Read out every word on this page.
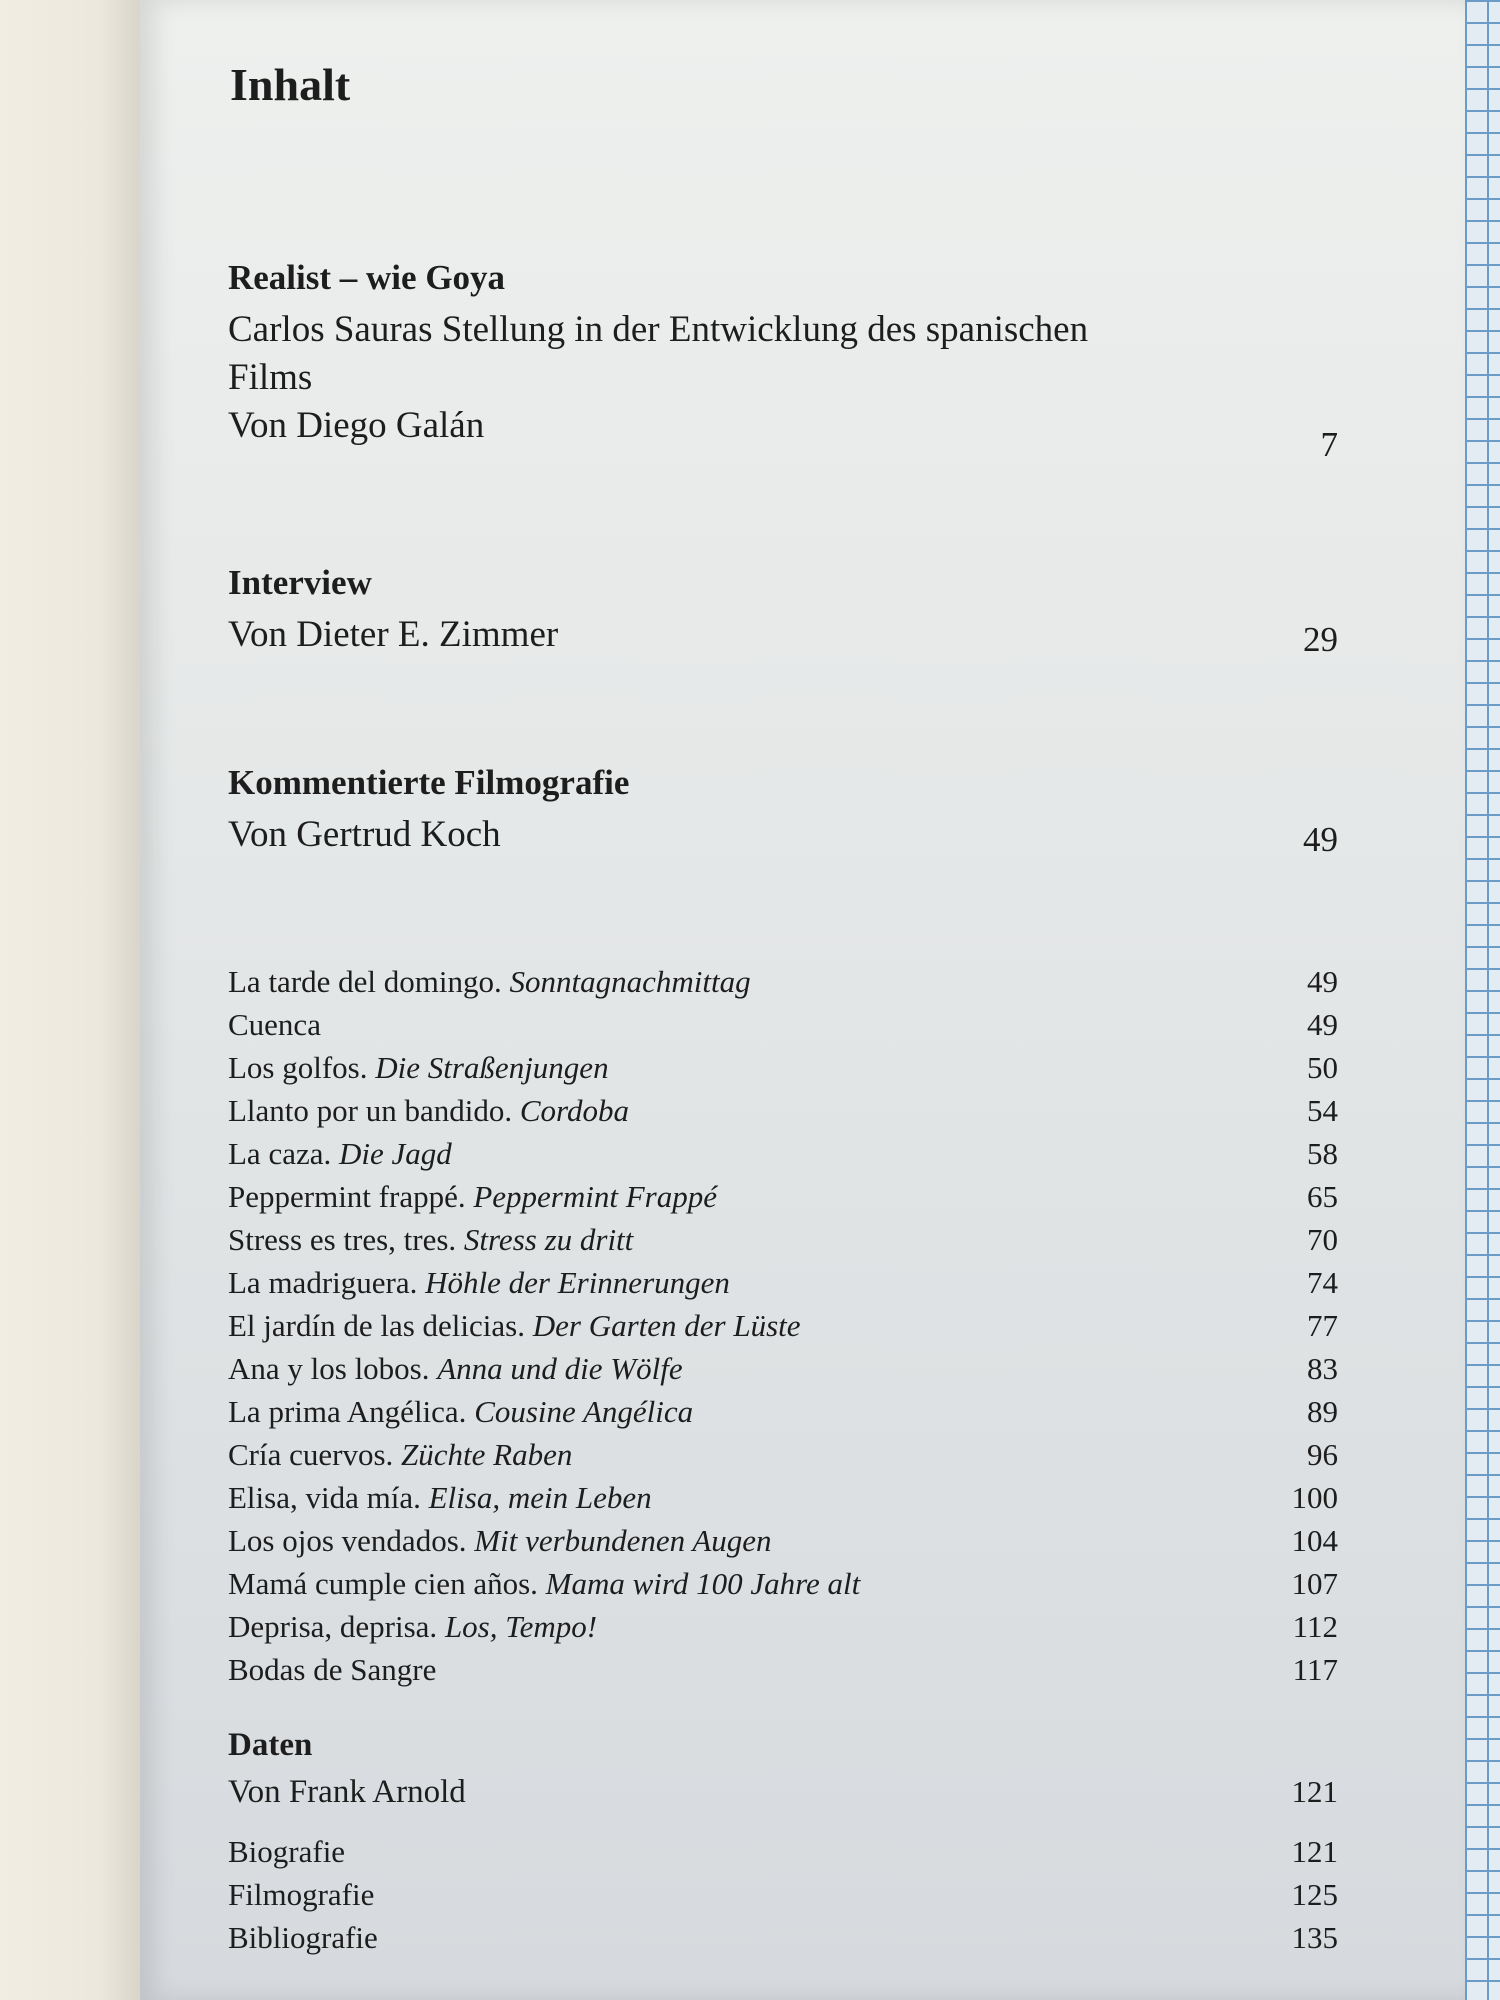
Inhalt
Realist – wie Goya
Carlos Sauras Stellung in der Entwicklung des spanischen
Films
Von Diego Galán	7
Interview
Von Dieter E. Zimmer	29
Kommentierte Filmografie
Von Gertrud Koch	49
La tarde del domingo. Sonntagnachmittag	49
Cuenca	49
Los golfos. Die Straßenjungen	50
Llanto por un bandido. Cordoba	54
La caza. Die Jagd	58
Peppermint frappé. Peppermint Frappé	65
Stress es tres, tres. Stress zu dritt	70
La madriguera. Höhle der Erinnerungen	74
El jardín de las delicias. Der Garten der Lüste	77
Ana y los lobos. Anna und die Wölfe	83
La prima Angélica. Cousine Angélica	89
Cría cuervos. Züchte Raben	96
Elisa, vida mía. Elisa, mein Leben	100
Los ojos vendados. Mit verbundenen Augen	104
Mamá cumple cien años. Mama wird 100 Jahre alt	107
Deprisa, deprisa. Los, Tempo!	112
Bodas de Sangre	117
Daten
Von Frank Arnold	121
Biografie	121
Filmografie	125
Bibliografie	135
